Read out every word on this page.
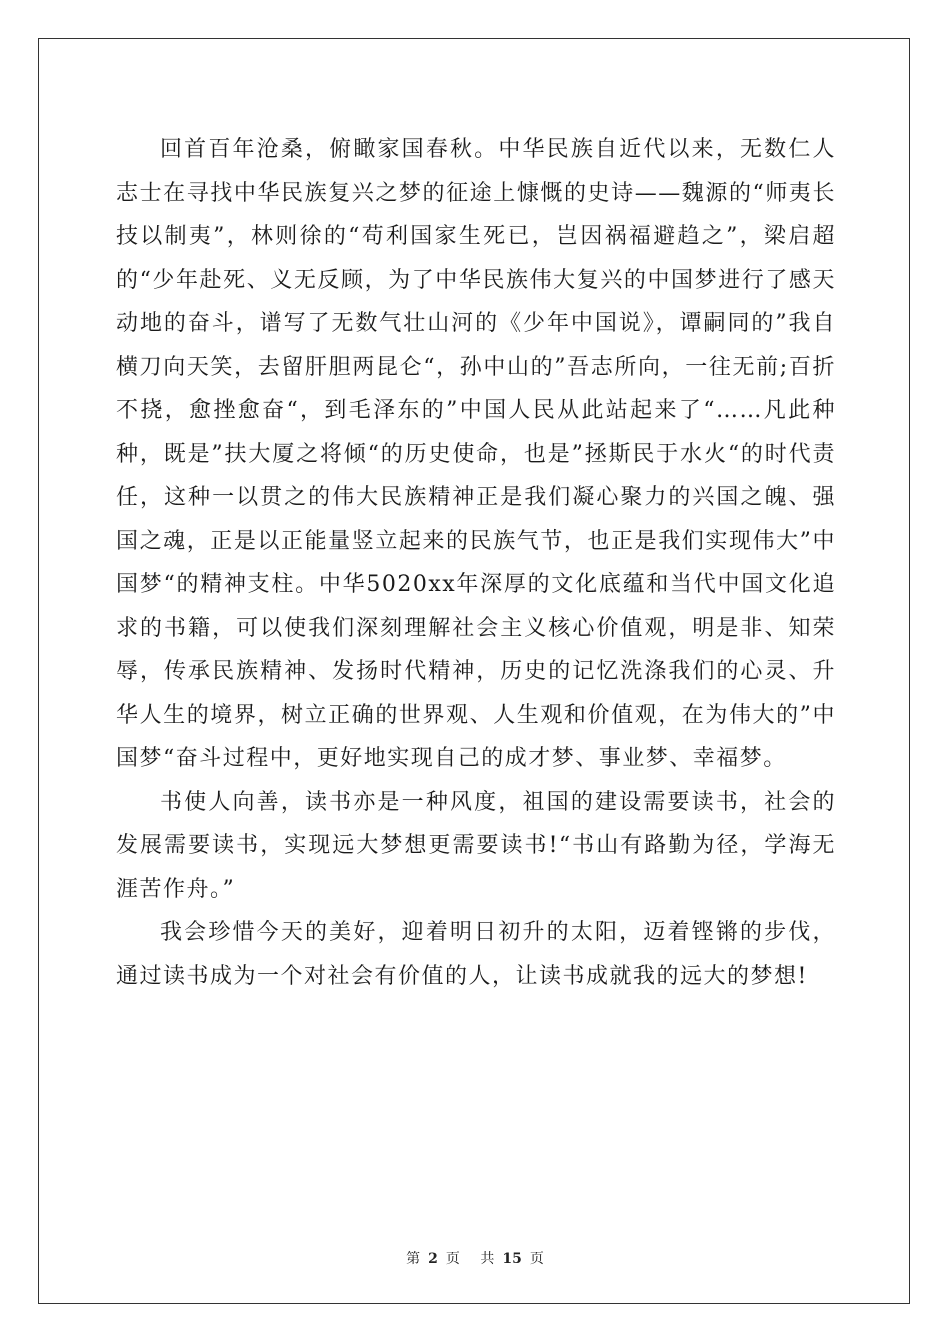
回首百年沧桑，俯瞰家国春秋。中华民族自近代以来，无数仁人志士在寻找中华民族复兴之梦的征途上慷慨的史诗——魏源的“师夷长技以制夷”，林则徐的“苟利国家生死已，岂因祸福避趋之”，梁启超的“少年赴死、义无反顾，为了中华民族伟大复兴的中国梦进行了感天动地的奋斗，谱写了无数气壮山河的《少年中国说》，谭嗣同的”我自横刀向天笑，去留肝胆两昆仑“，孙中山的”吾志所向，一往无前;百折不挠，愈挫愈奋“，到毛泽东的”中国人民从此站起来了“……凡此种种，既是”扶大厦之将倾“的历史使命，也是”拯斯民于水火“的时代责任，这种一以贯之的伟大民族精神正是我们凝心聚力的兴国之魄、强国之魂，正是以正能量竖立起来的民族气节，也正是我们实现伟大”中国梦“的精神支柱。中华5020xx年深厚的文化底蕴和当代中国文化追求的书籍，可以使我们深刻理解社会主义核心价值观，明是非、知荣辱，传承民族精神、发扬时代精神，历史的记忆洗涤我们的心灵、升华人生的境界，树立正确的世界观、人生观和价值观，在为伟大的”中国梦“奋斗过程中，更好地实现自己的成才梦、事业梦、幸福梦。

书使人向善，读书亦是一种风度，祖国的建设需要读书，社会的发展需要读书，实现远大梦想更需要读书!“书山有路勤为径，学海无涯苦作舟。”

我会珍惜今天的美好，迎着明日初升的太阳，迈着铿锵的步伐，通过读书成为一个对社会有价值的人，让读书成就我的远大的梦想!

第 2 页 共 15 页
